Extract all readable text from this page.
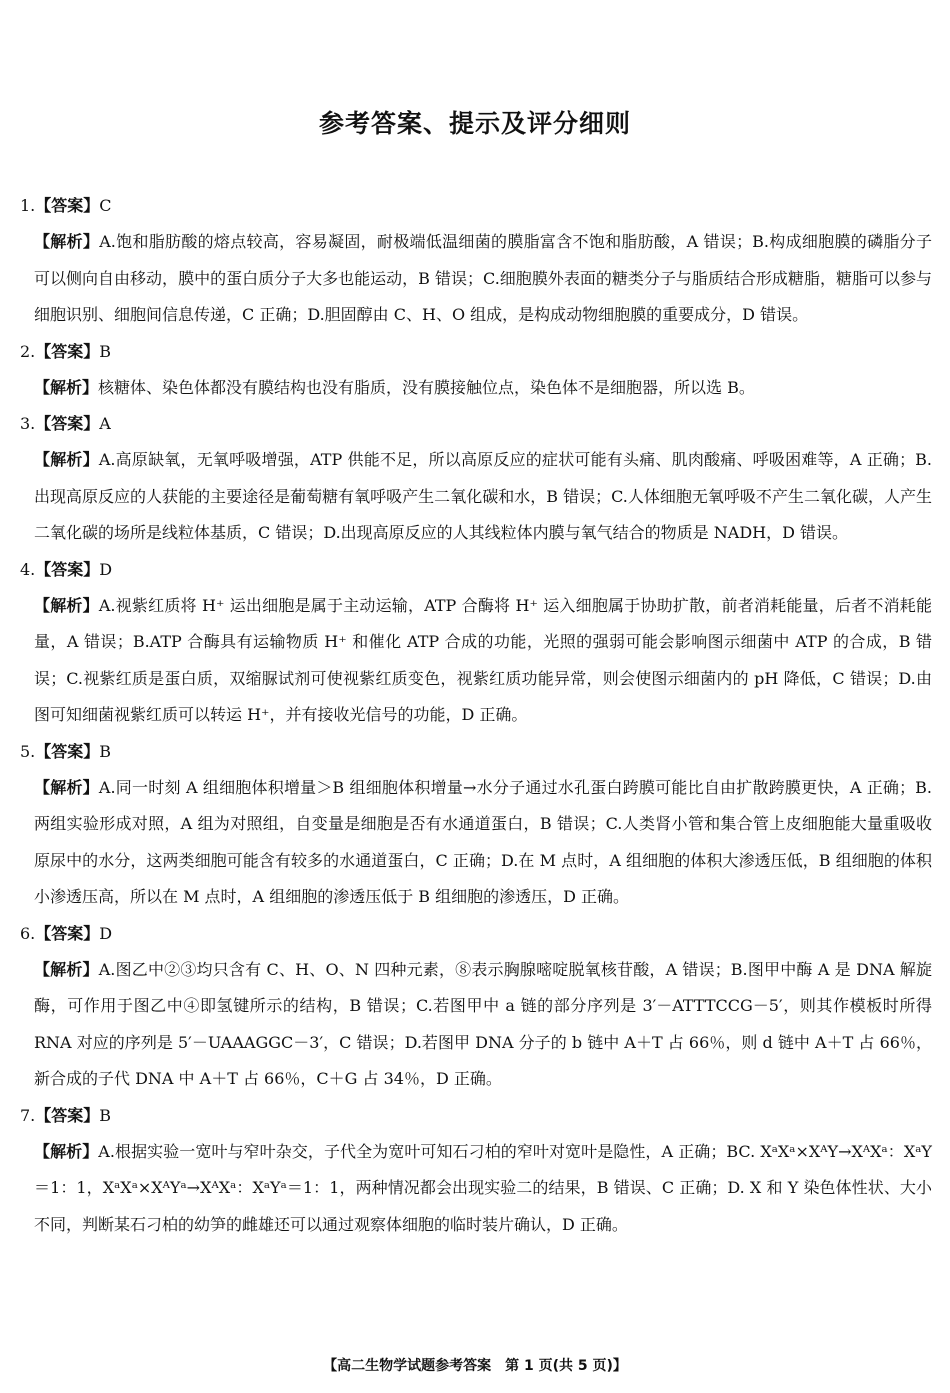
参考答案、提示及评分细则
1.【答案】C

【解析】A.饱和脂肪酸的熔点较高，容易凝固，耐极端低温细菌的膜脂富含不饱和脂肪酸，A 错误；B.构成细胞膜的磷脂分子可以侧向自由移动，膜中的蛋白质分子大多也能运动，B 错误；C.细胞膜外表面的糖类分子与脂质结合形成糖脂，糖脂可以参与细胞识别、细胞间信息传递，C 正确；D.胆固醇由 C、H、O 组成，是构成动物细胞膜的重要成分，D 错误。

2.【答案】B

【解析】核糖体、染色体都没有膜结构也没有脂质，没有膜接触位点，染色体不是细胞器，所以选 B。

3.【答案】A

【解析】A.高原缺氧，无氧呼吸增强，ATP 供能不足，所以高原反应的症状可能有头痛、肌肉酸痛、呼吸困难等，A 正确；B.出现高原反应的人获能的主要途径是葡萄糖有氧呼吸产生二氧化碳和水，B 错误；C.人体细胞无氧呼吸不产生二氧化碳，人产生二氧化碳的场所是线粒体基质，C 错误；D.出现高原反应的人其线粒体内膜与氧气结合的物质是 NADH，D 错误。

4.【答案】D

【解析】A.视紫红质将 H⁺ 运出细胞是属于主动运输，ATP 合酶将 H⁺ 运入细胞属于协助扩散，前者消耗能量，后者不消耗能量，A 错误；B.ATP 合酶具有运输物质 H⁺ 和催化 ATP 合成的功能，光照的强弱可能会影响图示细菌中 ATP 的合成，B 错误；C.视紫红质是蛋白质，双缩脲试剂可使视紫红质变色，视紫红质功能异常，则会使图示细菌内的 pH 降低，C 错误；D.由图可知细菌视紫红质可以转运 H⁺，并有接收光信号的功能，D 正确。

5.【答案】B

【解析】A.同一时刻 A 组细胞体积增量＞B 组细胞体积增量→水分子通过水孔蛋白跨膜可能比自由扩散跨膜更快，A 正确；B.两组实验形成对照，A 组为对照组，自变量是细胞是否有水通道蛋白，B 错误；C.人类肾小管和集合管上皮细胞能大量重吸收原尿中的水分，这两类细胞可能含有较多的水通道蛋白，C 正确；D.在 M 点时，A 组细胞的体积大渗透压低，B 组细胞的体积小渗透压高，所以在 M 点时，A 组细胞的渗透压低于 B 组细胞的渗透压，D 正确。

6.【答案】D

【解析】A.图乙中②③均只含有 C、H、O、N 四种元素，⑧表示胸腺嘧啶脱氧核苷酸，A 错误；B.图甲中酶 A 是 DNA 解旋酶，可作用于图乙中④即氢键所示的结构，B 错误；C.若图甲中 a 链的部分序列是 3′－ATTTCCG－5′，则其作模板时所得 RNA 对应的序列是 5′－UAAAGGC－3′，C 错误；D.若图甲 DNA 分子的 b 链中 A＋T 占 66％，则 d 链中 A＋T 占 66％，新合成的子代 DNA 中 A＋T 占 66％，C＋G 占 34％，D 正确。

7.【答案】B

【解析】A.根据实验一宽叶与窄叶杂交，子代全为宽叶可知石刁柏的窄叶对宽叶是隐性，A 正确；BC. XᵃXᵃ×XᴬY→XᴬXᵃ：XᵃY＝1：1，XᵃXᵃ×XᴬYᵃ→XᴬXᵃ：XᵃYᵃ＝1：1，两种情况都会出现实验二的结果，B 错误、C 正确；D. X 和 Y 染色体性状、大小不同，判断某石刁柏的幼笋的雌雄还可以通过观察体细胞的临时装片确认，D 正确。

【高二生物学试题参考答案　第 1 页(共 5 页)】
